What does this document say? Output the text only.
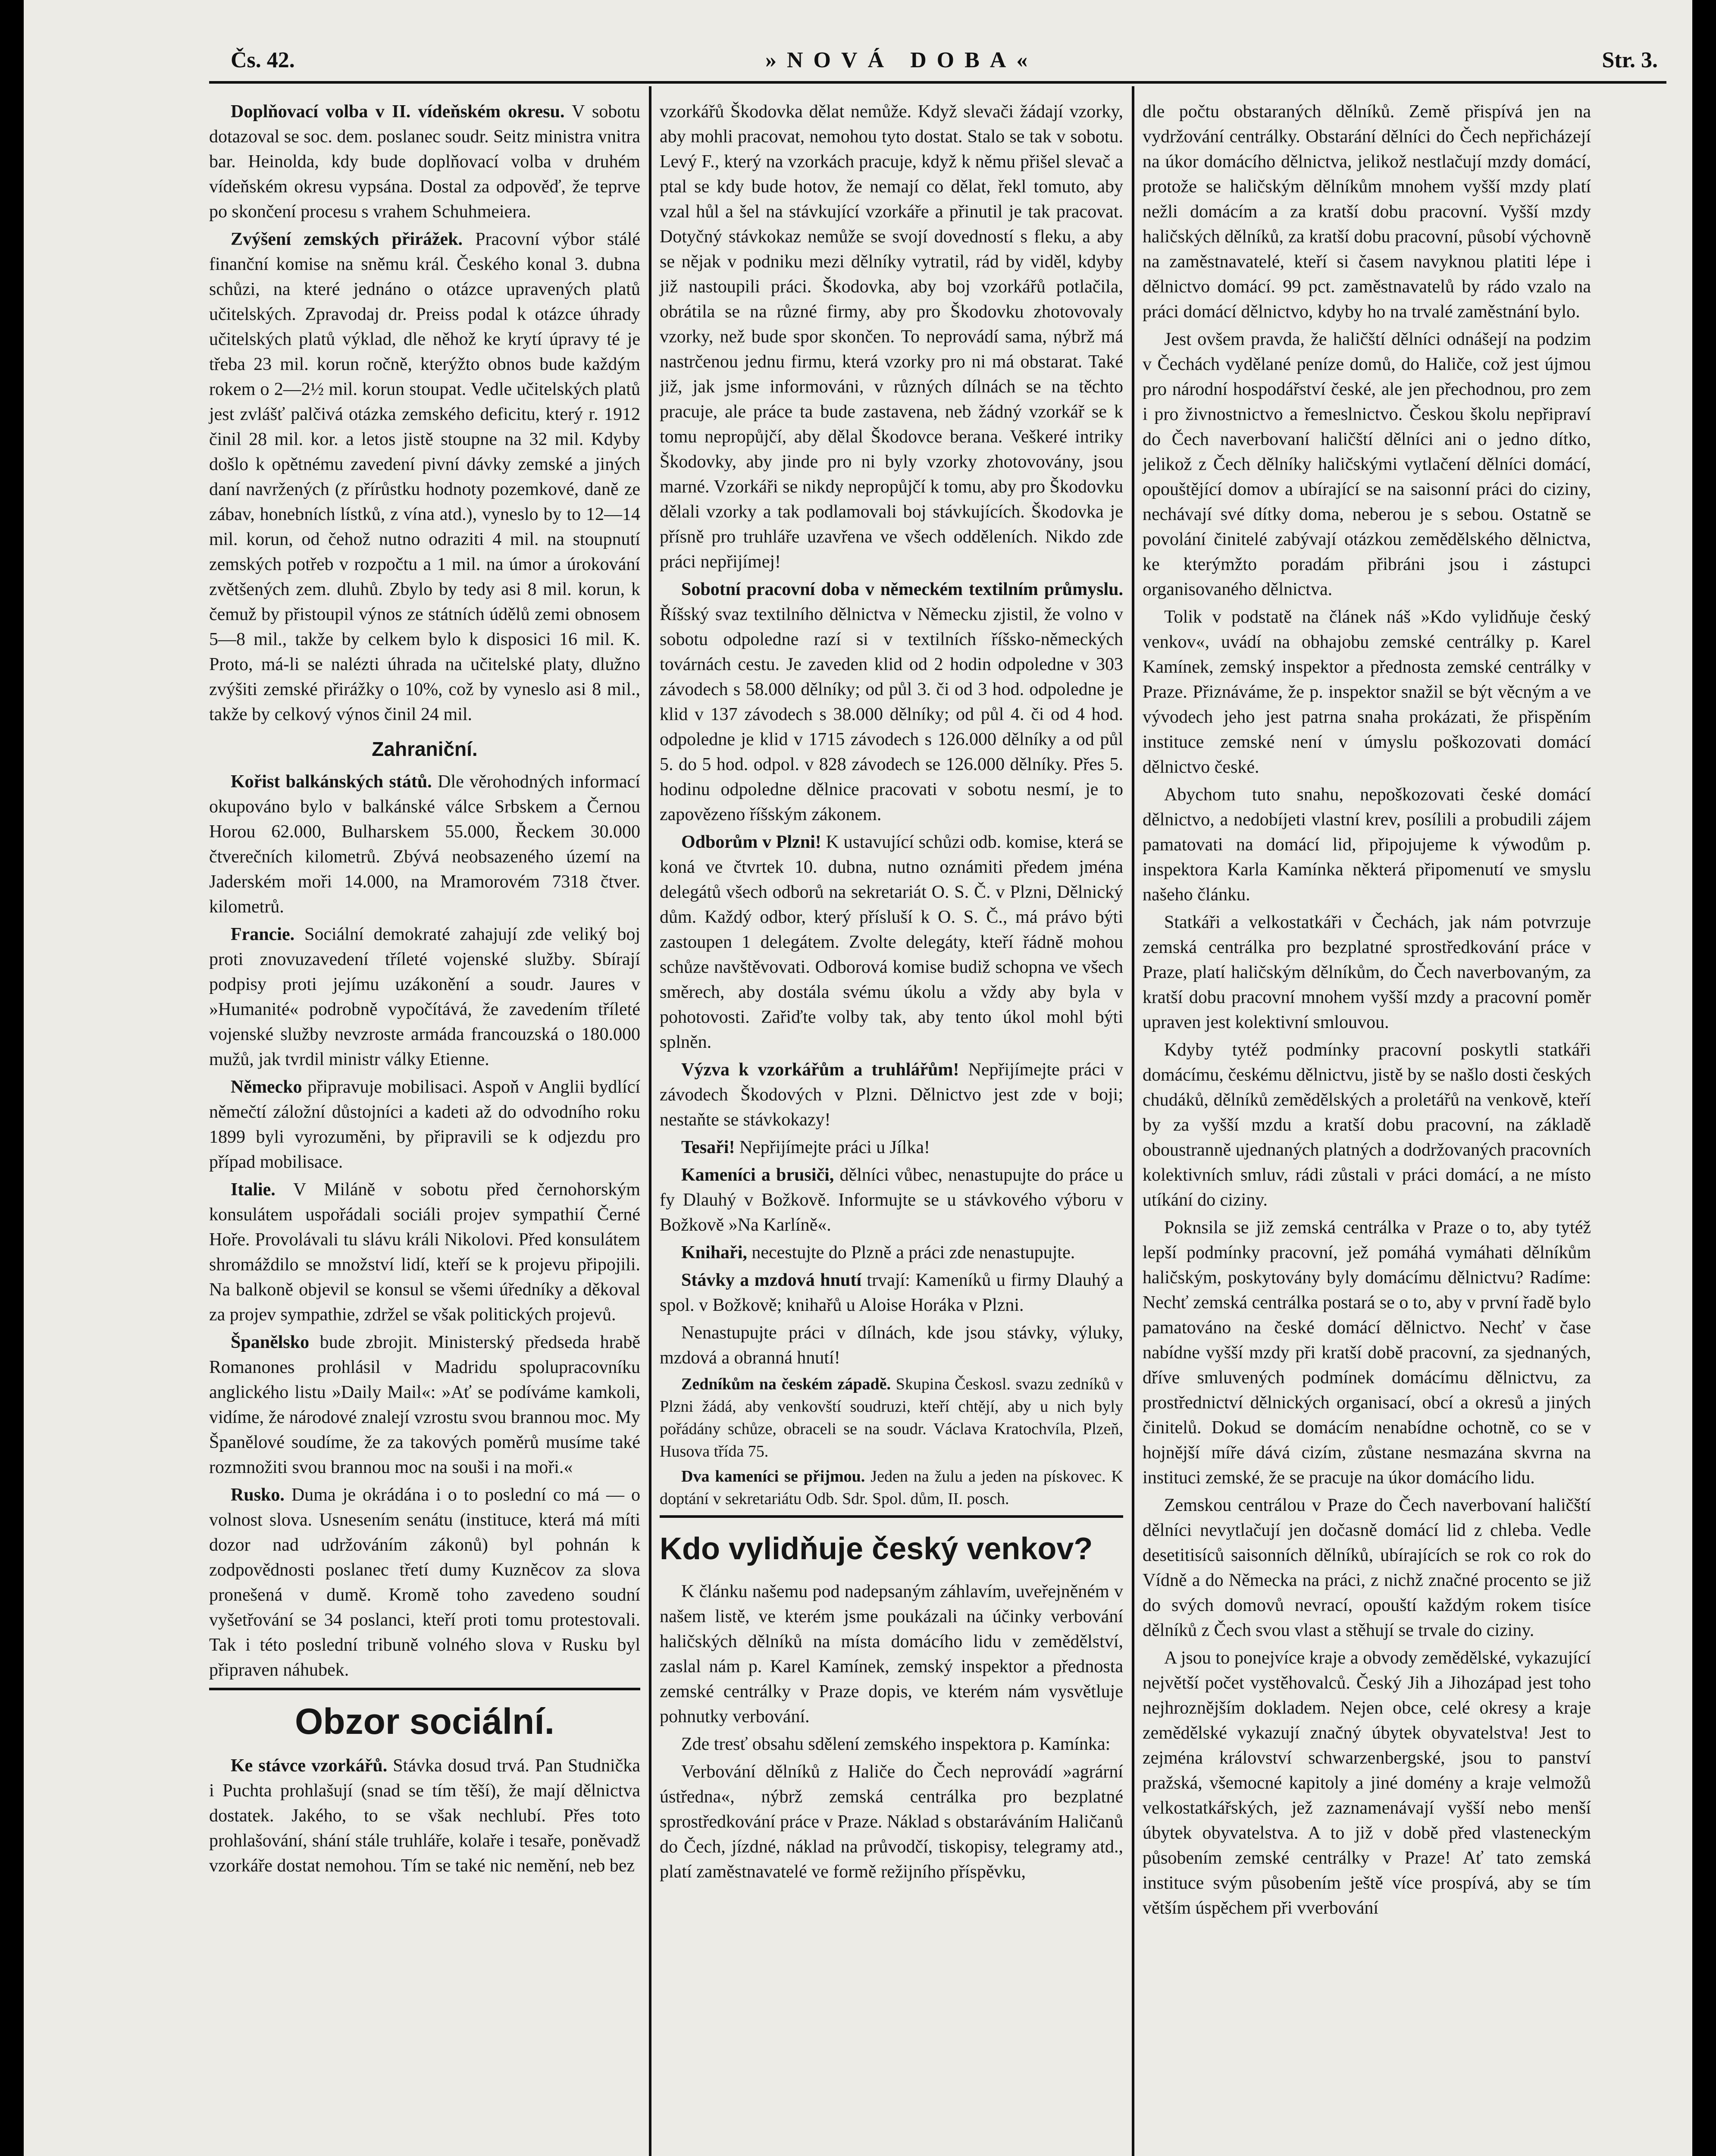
Čs. 42.	»NOVÁ DOBA«	Str. 3.

Doplňovací volba v II. vídeňském okresu. V sobotu dotazoval se soc. dem. poslanec soudr. Seitz ministra vnitra bar. Heinolda, kdy bude doplňovací volba v druhém vídeňském okresu vypsána. Dostal za odpověď, že teprve po skončení procesu s vrahem Schuhmeiera.

Zvýšení zemských přirážek. Pracovní výbor stálé finanční komise na sněmu král. Českého konal 3. dubna schůzi, na které jednáno o otázce upravených platů učitelských. Zpravodaj dr. Preiss podal k otázce úhrady učitelských platů výklad, dle něhož ke krytí úpravy té je třeba 23 mil. korun ročně, kterýžto obnos bude každým rokem o 2—2½ mil. korun stoupat. Vedle učitelských platů jest zvlášť palčivá otázka zemského deficitu, který r. 1912 činil 28 mil. kor. a letos jistě stoupne na 32 mil. Kdyby došlo k opětnému zavedení pivní dávky zemské a jiných daní navržených (z přírůstku hodnoty pozemkové, daně ze zábav, honebních lístků, z vína atd.), vyneslo by to 12—14 mil. korun, od čehož nutno odraziti 4 mil. na stoupnutí zemských potřeb v rozpočtu a 1 mil. na úmor a úrokování zvětšených zem. dluhů. Zbylo by tedy asi 8 mil. korun, k čemuž by přistoupil výnos ze státních údělů zemi obnosem 5—8 mil., takže by celkem bylo k disposici 16 mil. K. Proto, má-li se nalézti úhrada na učitelské platy, dlužno zvýšiti zemské přirážky o 10%, což by vyneslo asi 8 mil., takže by celkový výnos činil 24 mil.

Zahraniční.

Kořist balkánských států. Dle věrohodných informací okupováno bylo v balkánské válce Srbskem a Černou Horou 62.000, Bulharskem 55.000, Řeckem 30.000 čtverečních kilometrů. Zbývá neobsazeného území na Jaderském moři 14.000, na Mramorovém 7318 čtver. kilometrů.

Francie. Sociální demokraté zahajují zde veliký boj proti znovuzavedení tříleté vojenské služby. Sbírají podpisy proti jejímu uzákonění a soudr. Jaures v »Humanité« podrobně vypočítává, že zavedením tříleté vojenské služby nevzroste armáda francouzská o 180.000 mužů, jak tvrdil ministr války Etienne.

Německo připravuje mobilisaci. Aspoň v Anglii bydlící němečtí záložní důstojníci a kadeti až do odvodního roku 1899 byli vyrozuměni, by připravili se k odjezdu pro případ mobilisace.

Italie. V Miláně v sobotu před černohorským konsulátem uspořádali sociáli projev sympathií Černé Hoře. Provolávali tu slávu králi Nikolovi. Před konsulátem shromáždilo se množství lidí, kteří se k projevu připojili. Na balkoně objevil se konsul se všemi úředníky a děkoval za projev sympathie, zdržel se však politických projevů.

Španělsko bude zbrojit. Ministerský předseda hrabě Romanones prohlásil v Madridu spolupracovníku anglického listu »Daily Mail«: »Ať se podíváme kamkoli, vidíme, že národové znalejí vzrostu svou brannou moc. My Španělové soudíme, že za takových poměrů musíme také rozmnožiti svou brannou moc na souši i na moři.«

Rusko. Duma je okrádána i o to poslední co má — o volnost slova. Usnesením senátu (instituce, která má míti dozor nad udržováním zákonů) byl pohnán k zodpovědnosti poslanec třetí dumy Kuzněcov za slova pronešená v dumě. Kromě toho zavedeno soudní vyšetřování se 34 poslanci, kteří proti tomu protestovali. Tak i této poslední tribuně volného slova v Rusku byl připraven náhubek.

Obzor sociální.

Ke stávce vzorkářů. Stávka dosud trvá. Pan Studnička i Puchta prohlašují (snad se tím těší), že mají dělnictva dostatek. Jakého, to se však nechlubí. Přes toto prohlašování, shání stále truhláře, kolaře i tesaře, poněvadž vzorkáře dostat nemohou. Tím se také nic nemění, neb bez

vzorkářů Škodovka dělat nemůže. Když slevači žádají vzorky, aby mohli pracovat, nemohou tyto dostat. Stalo se tak v sobotu. Levý F., který na vzorkách pracuje, když k němu přišel slevač a ptal se kdy bude hotov, že nemají co dělat, řekl tomuto, aby vzal hůl a šel na stávkující vzorkáře a přinutil je tak pracovat. Dotyčný stávkokaz nemůže se svojí dovedností s fleku, a aby se nějak v podniku mezi dělníky vytratil, rád by viděl, kdyby již nastoupili práci. Škodovka, aby boj vzorkářů potlačila, obrátila se na různé firmy, aby pro Škodovku zhotovovaly vzorky, než bude spor skončen. To neprovádí sama, nýbrž má nastrčenou jednu firmu, která vzorky pro ni má obstarat. Také již, jak jsme informováni, v různých dílnách se na těchto pracuje, ale práce ta bude zastavena, neb žádný vzorkář se k tomu nepropůjčí, aby dělal Škodovce berana. Veškeré intriky Škodovky, aby jinde pro ni byly vzorky zhotovovány, jsou marné. Vzorkáři se nikdy nepropůjčí k tomu, aby pro Škodovku dělali vzorky a tak podlamovali boj stávkujících. Škodovka je přísně pro truhláře uzavřena ve všech odděleních. Nikdo zde práci nepřijímej!

Sobotní pracovní doba v německém textilním průmyslu. Říšský svaz textilního dělnictva v Německu zjistil, že volno v sobotu odpoledne razí si v textilních říšsko-německých továrnách cestu. Je zaveden klid od 2 hodin odpoledne v 303 závodech s 58.000 dělníky; od půl 3. či od 3 hod. odpoledne je klid v 137 závodech s 38.000 dělníky; od půl 4. či od 4 hod. odpoledne je klid v 1715 závodech s 126.000 dělníky a od půl 5. do 5 hod. odpol. v 828 závodech se 126.000 dělníky. Přes 5. hodinu odpoledne dělnice pracovati v sobotu nesmí, je to zapovězeno říšským zákonem.

Odborům v Plzni! K ustavující schůzi odb. komise, která se koná ve čtvrtek 10. dubna, nutno oznámiti předem jména delegátů všech odborů na sekretariát O. S. Č. v Plzni, Dělnický dům. Každý odbor, který přísluší k O. S. Č., má právo býti zastoupen 1 delegátem. Zvolte delegáty, kteří řádně mohou schůze navštěvovati. Odborová komise budiž schopna ve všech směrech, aby dostála svému úkolu a vždy aby byla v pohotovosti. Zařiďte volby tak, aby tento úkol mohl býti splněn.

Výzva k vzorkářům a truhlářům! Nepřijímejte práci v závodech Škodových v Plzni. Dělnictvo jest zde v boji; nestaňte se stávkokazy!

Tesaři! Nepřijímejte práci u Jílka!

Kameníci a brusiči, dělníci vůbec, nenastupujte do práce u fy Dlauhý v Božkově. Informujte se u stávkového výboru v Božkově »Na Karlíně«.

Knihaři, necestujte do Plzně a práci zde nenastupujte.

Stávky a mzdová hnutí trvají: Kameníků u firmy Dlauhý a spol. v Božkově; knihařů u Aloise Horáka v Plzni.

Nenastupujte práci v dílnách, kde jsou stávky, výluky, mzdová a obranná hnutí!

Zedníkům na českém západě. Skupina Českosl. svazu zedníků v Plzni žádá, aby venkovští soudruzi, kteří chtějí, aby u nich byly pořádány schůze, obraceli se na soudr. Václava Kratochvíla, Plzeň, Husova třída 75.

Dva kameníci se přijmou. Jeden na žulu a jeden na pískovec. K doptání v sekretariátu Odb. Sdr. Spol. dům, II. posch.

Kdo vylidňuje český venkov?

K článku našemu pod nadepsaným záhlavím, uveřejněném v našem listě, ve kterém jsme poukázali na účinky verbování haličských dělníků na místa domácího lidu v zemědělství, zaslal nám p. Karel Kamínek, zemský inspektor a přednosta zemské centrálky v Praze dopis, ve kterém nám vysvětluje pohnutky verbování.

Zde tresť obsahu sdělení zemského inspektora p. Kamínka:

Verbování dělníků z Haliče do Čech neprovádí »agrární ústředna«, nýbrž zemská centrálka pro bezplatné sprostředkování práce v Praze. Náklad s obstaráváním Haličanů do Čech, jízdné, náklad na průvodčí, tiskopisy, telegramy atd., platí zaměstnavatelé ve formě režijního příspěvku,

dle počtu obstaraných dělníků. Země přispívá jen na vydržování centrálky. Obstarání dělníci do Čech nepřicházejí na úkor domácího dělnictva, jelikož nestlačují mzdy domácí, protože se haličským dělníkům mnohem vyšší mzdy platí nežli domácím a za kratší dobu pracovní. Vyšší mzdy haličských dělníků, za kratší dobu pracovní, působí výchovně na zaměstnavatelé, kteří si časem navyknou platiti lépe i dělnictvo domácí. 99 pct. zaměstnavatelů by rádo vzalo na práci domácí dělnictvo, kdyby ho na trvalé zaměstnání bylo.

Jest ovšem pravda, že haličští dělníci odnášejí na podzim v Čechách vydělané peníze domů, do Haliče, což jest újmou pro národní hospodářství české, ale jen přechodnou, pro zem i pro živnostnictvo a řemeslnictvo. Českou školu nepřipraví do Čech naverbovaní haličští dělníci ani o jedno dítko, jelikož z Čech dělníky haličskými vytlačení dělníci domácí, opouštějící domov a ubírající se na saisonní práci do ciziny, nechávají své dítky doma, neberou je s sebou. Ostatně se povolání činitelé zabývají otázkou zemědělského dělnictva, ke kterýmžto poradám přibráni jsou i zástupci organisovaného dělnictva.

Tolik v podstatě na článek náš »Kdo vylidňuje český venkov«, uvádí na obhajobu zemské centrálky p. Karel Kamínek, zemský inspektor a přednosta zemské centrálky v Praze. Přiznáváme, že p. inspektor snažil se být věcným a ve vývodech jeho jest patrna snaha prokázati, že přispěním instituce zemské není v úmyslu poškozovati domácí dělnictvo české.

Abychom tuto snahu, nepoškozovati české domácí dělnictvo, a nedobíjeti vlastní krev, posílili a probudili zájem pamatovati na domácí lid, připojujeme k výwodům p. inspektora Karla Kamínka některá připomenutí ve smyslu našeho článku.

Statkáři a velkostatkáři v Čechách, jak nám potvrzuje zemská centrálka pro bezplatné sprostředkování práce v Praze, platí haličským dělníkům, do Čech naverbovaným, za kratší dobu pracovní mnohem vyšší mzdy a pracovní poměr upraven jest kolektivní smlouvou.

Kdyby tytéž podmínky pracovní poskytli statkáři domácímu, českému dělnictvu, jistě by se našlo dosti českých chudáků, dělníků zemědělských a proletářů na venkově, kteří by za vyšší mzdu a kratší dobu pracovní, na základě oboustranně ujednaných platných a dodržovaných pracovních kolektivních smluv, rádi zůstali v práci domácí, a ne místo utíkání do ciziny.

Poknsila se již zemská centrálka v Praze o to, aby tytéž lepší podmínky pracovní, jež pomáhá vymáhati dělníkům haličským, poskytovány byly domácímu dělnictvu? Radíme: Nechť zemská centrálka postará se o to, aby v první řadě bylo pamatováno na české domácí dělnictvo. Nechť v čase nabídne vyšší mzdy při kratší době pracovní, za sjednaných, dříve smluvených podmínek domácímu dělnictvu, za prostřednictví dělnických organisací, obcí a okresů a jiných činitelů. Dokud se domácím nenabídne ochotně, co se v hojnější míře dává cizím, zůstane nesmazána skvrna na instituci zemské, že se pracuje na úkor domácího lidu.

Zemskou centrálou v Praze do Čech naverbovaní haličští dělníci nevytlačují jen dočasně domácí lid z chleba. Vedle desetitisíců saisonních dělníků, ubírajících se rok co rok do Vídně a do Německa na práci, z nichž značné procento se již do svých domovů nevrací, opouští každým rokem tisíce dělníků z Čech svou vlast a stěhují se trvale do ciziny.

A jsou to ponejvíce kraje a obvody zemědělské, vykazující největší počet vystěhovalců. Český Jih a Jihozápad jest toho nejhroznějším dokladem. Nejen obce, celé okresy a kraje zemědělské vykazují značný úbytek obyvatelstva! Jest to zejména království schwarzenbergské, jsou to panství pražská, všemocné kapitoly a jiné domény a kraje velmožů velkostatkářských, jež zaznamenávají vyšší nebo menší úbytek obyvatelstva. A to již v době před vlasteneckým působením zemské centrálky v Praze! Ať tato zemská instituce svým působením ještě více prospívá, aby se tím větším úspěchem při vverbování
